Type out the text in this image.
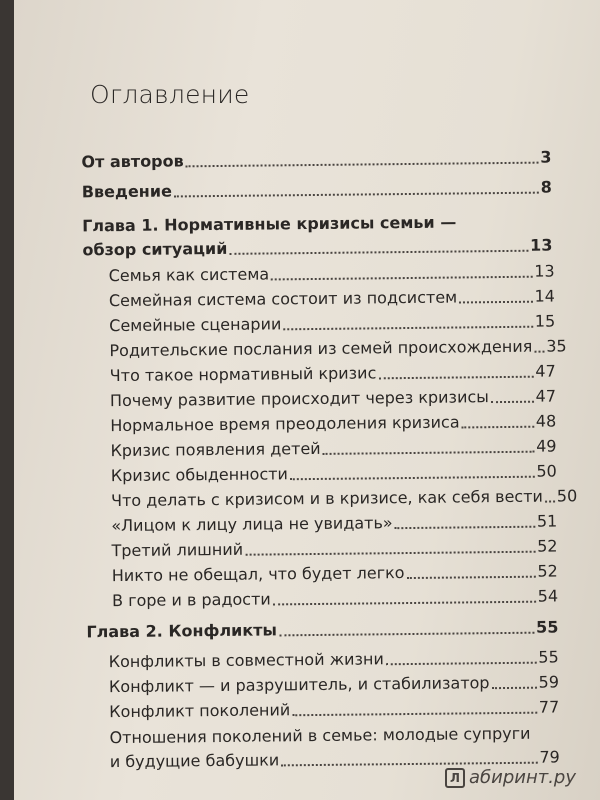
Оглавление
От авторов	3
Введение	8
Глава 1. Нормативные кризисы семьи —
обзор ситуаций	13
Семья как система	13
Семейная система состоит из подсистем	14
Семейные сценарии	15
Родительские послания из семей происхождения 35
Что такое нормативный кризис	47
Почему развитие происходит через кризисы	47
Нормальное время преодоления кризиса	48
Кризис появления детей	49
Кризис обыденности	50
Что делать с кризисом и в кризисе, как себя вести 50
«Лицом к лицу лица не увидать»	51
Третий лишний	52
Никто не обещал, что будет легко	52
В горе и в радости	54
Глава 2. Конфликты	55
Конфликты в совместной жизни	55
Конфликт — и разрушитель, и стабилизатор	59
Конфликт поколений	77
Отношения поколений в семье: молодые супруги
и будущие бабушки	79
Л абиринт.ру
